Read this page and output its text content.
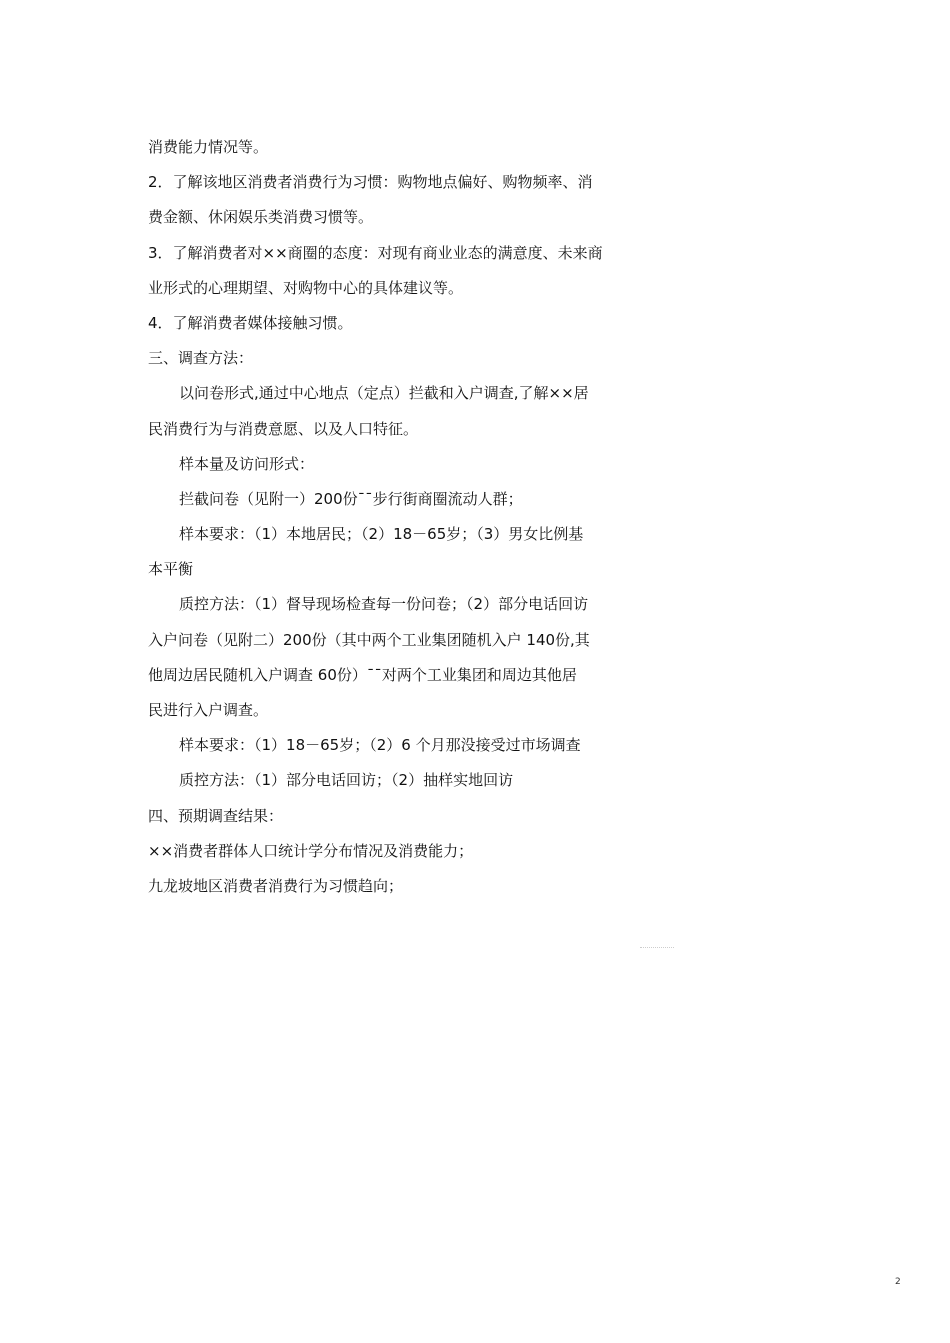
消费能力情况等。
2．了解该地区消费者消费行为习惯：购物地点偏好、购物频率、消
费金额、休闲娱乐类消费习惯等。
3．了解消费者对××商圈的态度：对现有商业业态的满意度、未来商
业形式的心理期望、对购物中心的具体建议等。
4．了解消费者媒体接触习惯。
三、调查方法：
以问卷形式,通过中心地点（定点）拦截和入户调查,了解××居
民消费行为与消费意愿、以及人口特征。
样本量及访问形式：
拦截问卷（见附一）200份¯¯步行街商圈流动人群；
样本要求：（1）本地居民；（2）18－65岁；（3）男女比例基
本平衡
质控方法：（1）督导现场检查每一份问卷；（2）部分电话回访
入户问卷（见附二）200份（其中两个工业集团随机入户 140份,其
他周边居民随机入户调查 60份）¯¯对两个工业集团和周边其他居
民进行入户调查。
样本要求：（1）18－65岁；（2）6 个月那没接受过市场调查
质控方法：（1）部分电话回访；（2）抽样实地回访
四、预期调查结果：
××消费者群体人口统计学分布情况及消费能力；
九龙坡地区消费者消费行为习惯趋向；
2
